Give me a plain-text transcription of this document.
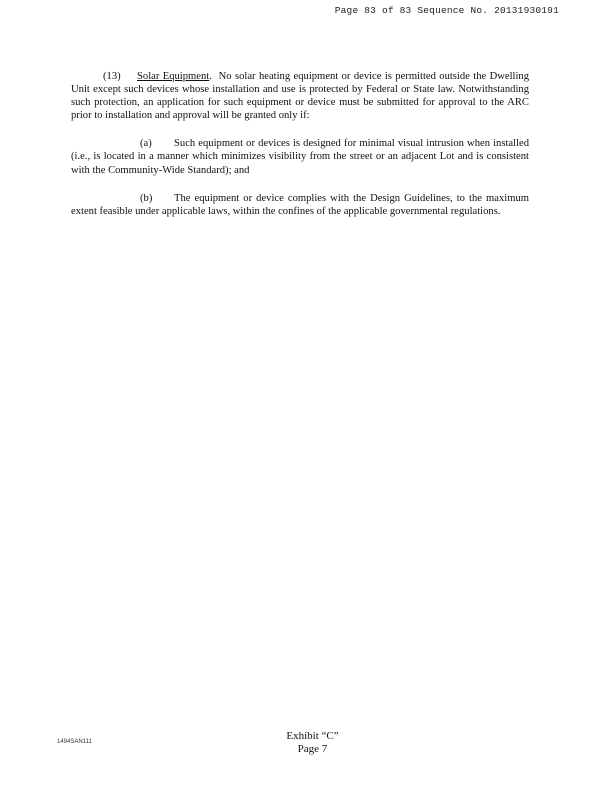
Page 83 of 83 Sequence No. 20131930191

(13) Solar Equipment. No solar heating equipment or device is permitted outside the Dwelling Unit except such devices whose installation and use is protected by Federal or State law. Notwithstanding such protection, an application for such equipment or device must be submitted for approval to the ARC prior to installation and approval will be granted only if:

(a) Such equipment or devices is designed for minimal visual intrusion when installed (i.e., is located in a manner which minimizes visibility from the street or an adjacent Lot and is consistent with the Community-Wide Standard); and

(b) The equipment or device complies with the Design Guidelines, to the maximum extent feasible under applicable laws, within the confines of the applicable governmental regulations.

Exhibit “C”
Page 7
1494SAN111
